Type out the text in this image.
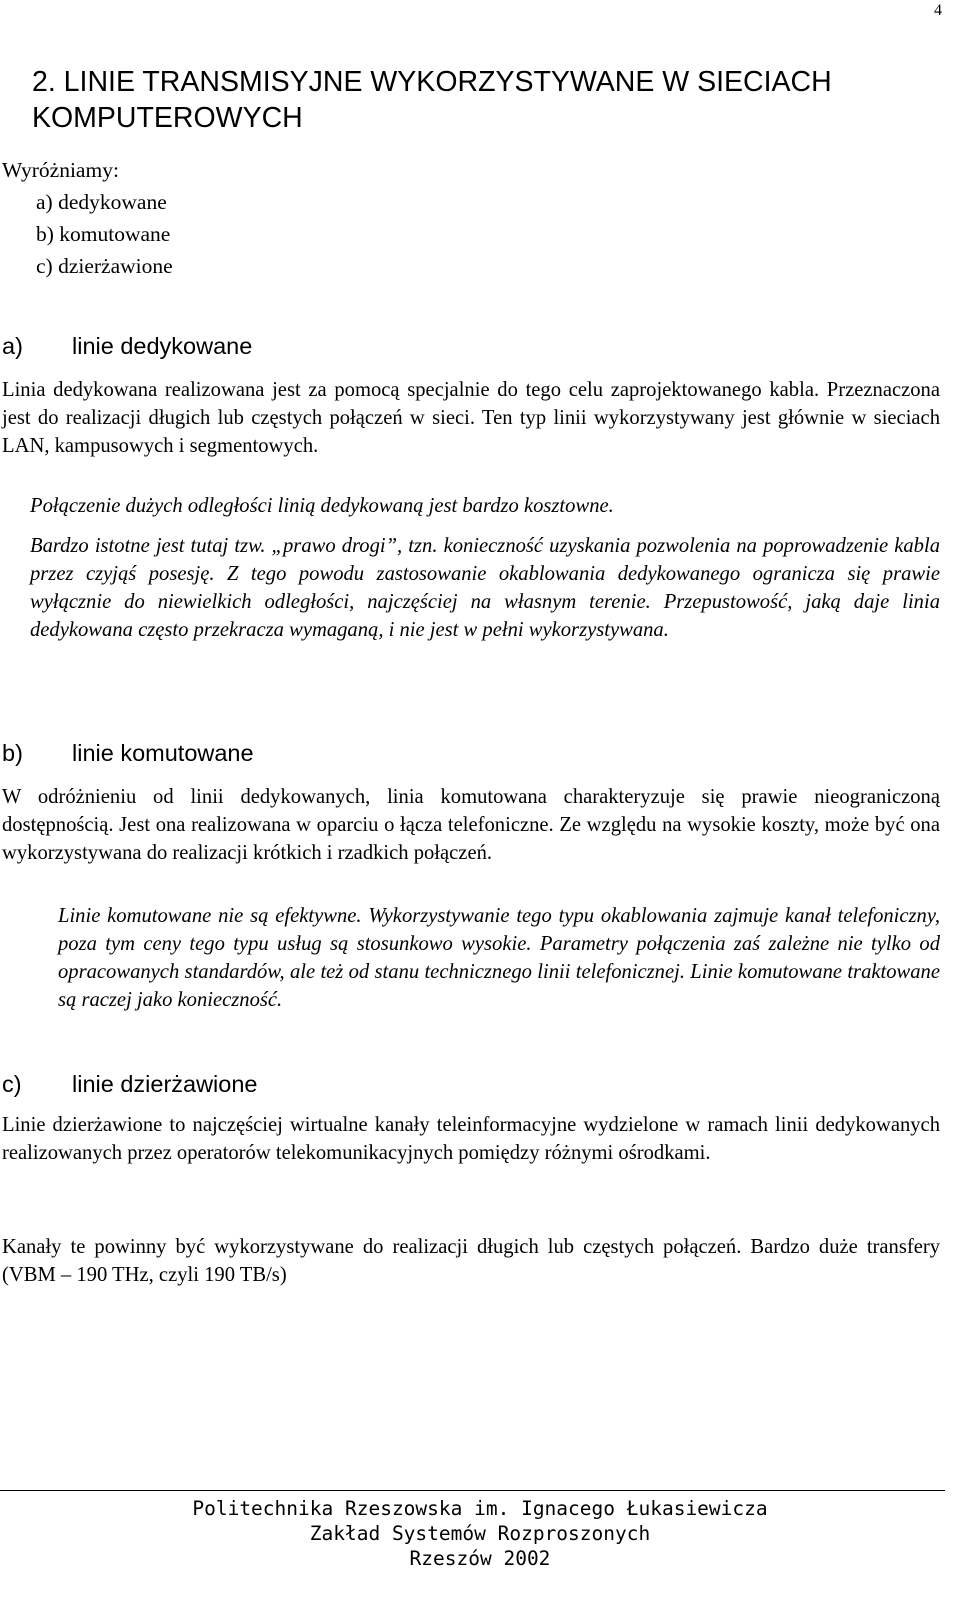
4
2. LINIE TRANSMISYJNE WYKORZYSTYWANE W SIECIACH KOMPUTEROWYCH
Wyróżniamy:
a) dedykowane
b) komutowane
c) dzierżawione
a) linie dedykowane

Linia dedykowana realizowana jest za pomocą specjalnie do tego celu zaprojektowanego kabla. Przeznaczona jest do realizacji długich lub częstych połączeń w sieci. Ten typ linii wykorzystywany jest głównie w sieciach LAN, kampusowych i segmentowych.

Połączenie dużych odległości linią dedykowaną jest bardzo kosztowne.

Bardzo istotne jest tutaj tzw. „prawo drogi”, tzn. konieczność uzyskania pozwolenia na poprowadzenie kabla przez czyjąś posesję. Z tego powodu zastosowanie okablowania dedykowanego ogranicza się prawie wyłącznie do niewielkich odległości, najczęściej na własnym terenie. Przepustowość, jaką daje linia dedykowana często przekracza wymaganą, i nie jest w pełni wykorzystywana.

b) linie komutowane

W odróżnieniu od linii dedykowanych, linia komutowana charakteryzuje się prawie nieograniczoną dostępnością. Jest ona realizowana w oparciu o łącza telefoniczne. Ze względu na wysokie koszty, może być ona wykorzystywana do realizacji krótkich i rzadkich połączeń.

Linie komutowane nie są efektywne. Wykorzystywanie tego typu okablowania zajmuje kanał telefoniczny, poza tym ceny tego typu usług są stosunkowo wysokie. Parametry połączenia zaś zależne nie tylko od opracowanych standardów, ale też od stanu technicznego linii telefonicznej. Linie komutowane traktowane są raczej jako konieczność.

c) linie dzierżawione

Linie dzierżawione to najczęściej wirtualne kanały teleinformacyjne wydzielone w ramach linii dedykowanych realizowanych przez operatorów telekomunikacyjnych pomiędzy różnymi ośrodkami.

Kanały te powinny być wykorzystywane do realizacji długich lub częstych połączeń. Bardzo duże transfery (VBM – 190 THz, czyli 190 TB/s)

Politechnika Rzeszowska im. Ignacego Łukasiewicza
Zakład Systemów Rozproszonych
Rzeszów 2002
